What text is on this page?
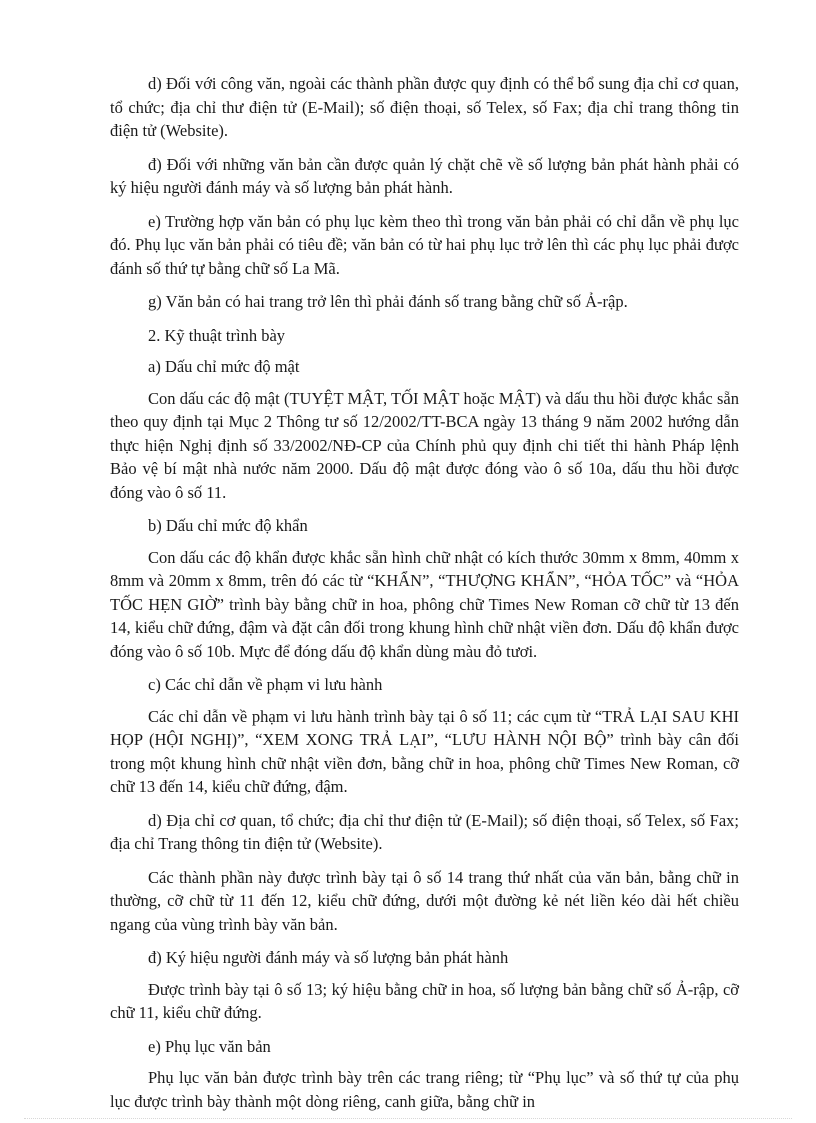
d) Đối với công văn, ngoài các thành phần được quy định có thể bổ sung địa chỉ cơ quan, tổ chức; địa chỉ thư điện tử (E-Mail); số điện thoại, số Telex, số Fax; địa chỉ trang thông tin điện tử (Website).

đ) Đối với những văn bản cần được quản lý chặt chẽ về số lượng bản phát hành phải có ký hiệu người đánh máy và số lượng bản phát hành.

e) Trường hợp văn bản có phụ lục kèm theo thì trong văn bản phải có chỉ dẫn về phụ lục đó. Phụ lục văn bản phải có tiêu đề; văn bản có từ hai phụ lục trở lên thì các phụ lục phải được đánh số thứ tự bằng chữ số La Mã.

g) Văn bản có hai trang trở lên thì phải đánh số trang bằng chữ số Ả-rập.

2. Kỹ thuật trình bày

a) Dấu chỉ mức độ mật

Con dấu các độ mật (TUYỆT MẬT, TỐI MẬT hoặc MẬT) và dấu thu hồi được khắc sẵn theo quy định tại Mục 2 Thông tư số 12/2002/TT-BCA ngày 13 tháng 9 năm 2002 hướng dẫn thực hiện Nghị định số 33/2002/NĐ-CP của Chính phủ quy định chi tiết thi hành Pháp lệnh Bảo vệ bí mật nhà nước năm 2000. Dấu độ mật được đóng vào ô số 10a, dấu thu hồi được đóng vào ô số 11.

b) Dấu chỉ mức độ khẩn

Con dấu các độ khẩn được khắc sẵn hình chữ nhật có kích thước 30mm x 8mm, 40mm x 8mm và 20mm x 8mm, trên đó các từ “KHẨN”, “THƯỢNG KHẨN”, “HỎA TỐC” và “HỎA TỐC HẸN GIỜ” trình bày bằng chữ in hoa, phông chữ Times New Roman cỡ chữ từ 13 đến 14, kiểu chữ đứng, đậm và đặt cân đối trong khung hình chữ nhật viền đơn. Dấu độ khẩn được đóng vào ô số 10b. Mực để đóng dấu độ khẩn dùng màu đỏ tươi.

c) Các chỉ dẫn về phạm vi lưu hành

Các chỉ dẫn về phạm vi lưu hành trình bày tại ô số 11; các cụm từ “TRẢ LẠI SAU KHI HỌP (HỘI NGHỊ)”, “XEM XONG TRẢ LẠI”, “LƯU HÀNH NỘI BỘ” trình bày cân đối trong một khung hình chữ nhật viền đơn, bằng chữ in hoa, phông chữ Times New Roman, cỡ chữ 13 đến 14, kiểu chữ đứng, đậm.

d) Địa chỉ cơ quan, tổ chức; địa chỉ thư điện tử (E-Mail); số điện thoại, số Telex, số Fax; địa chỉ Trang thông tin điện tử (Website).

Các thành phần này được trình bày tại ô số 14 trang thứ nhất của văn bản, bằng chữ in thường, cỡ chữ từ 11 đến 12, kiểu chữ đứng, dưới một đường kẻ nét liền kéo dài hết chiều ngang của vùng trình bày văn bản.

đ) Ký hiệu người đánh máy và số lượng bản phát hành

Được trình bày tại ô số 13; ký hiệu bằng chữ in hoa, số lượng bản bằng chữ số Ả-rập, cỡ chữ 11, kiểu chữ đứng.

e) Phụ lục văn bản

Phụ lục văn bản được trình bày trên các trang riêng; từ “Phụ lục” và số thứ tự của phụ lục được trình bày thành một dòng riêng, canh giữa, bằng chữ in
